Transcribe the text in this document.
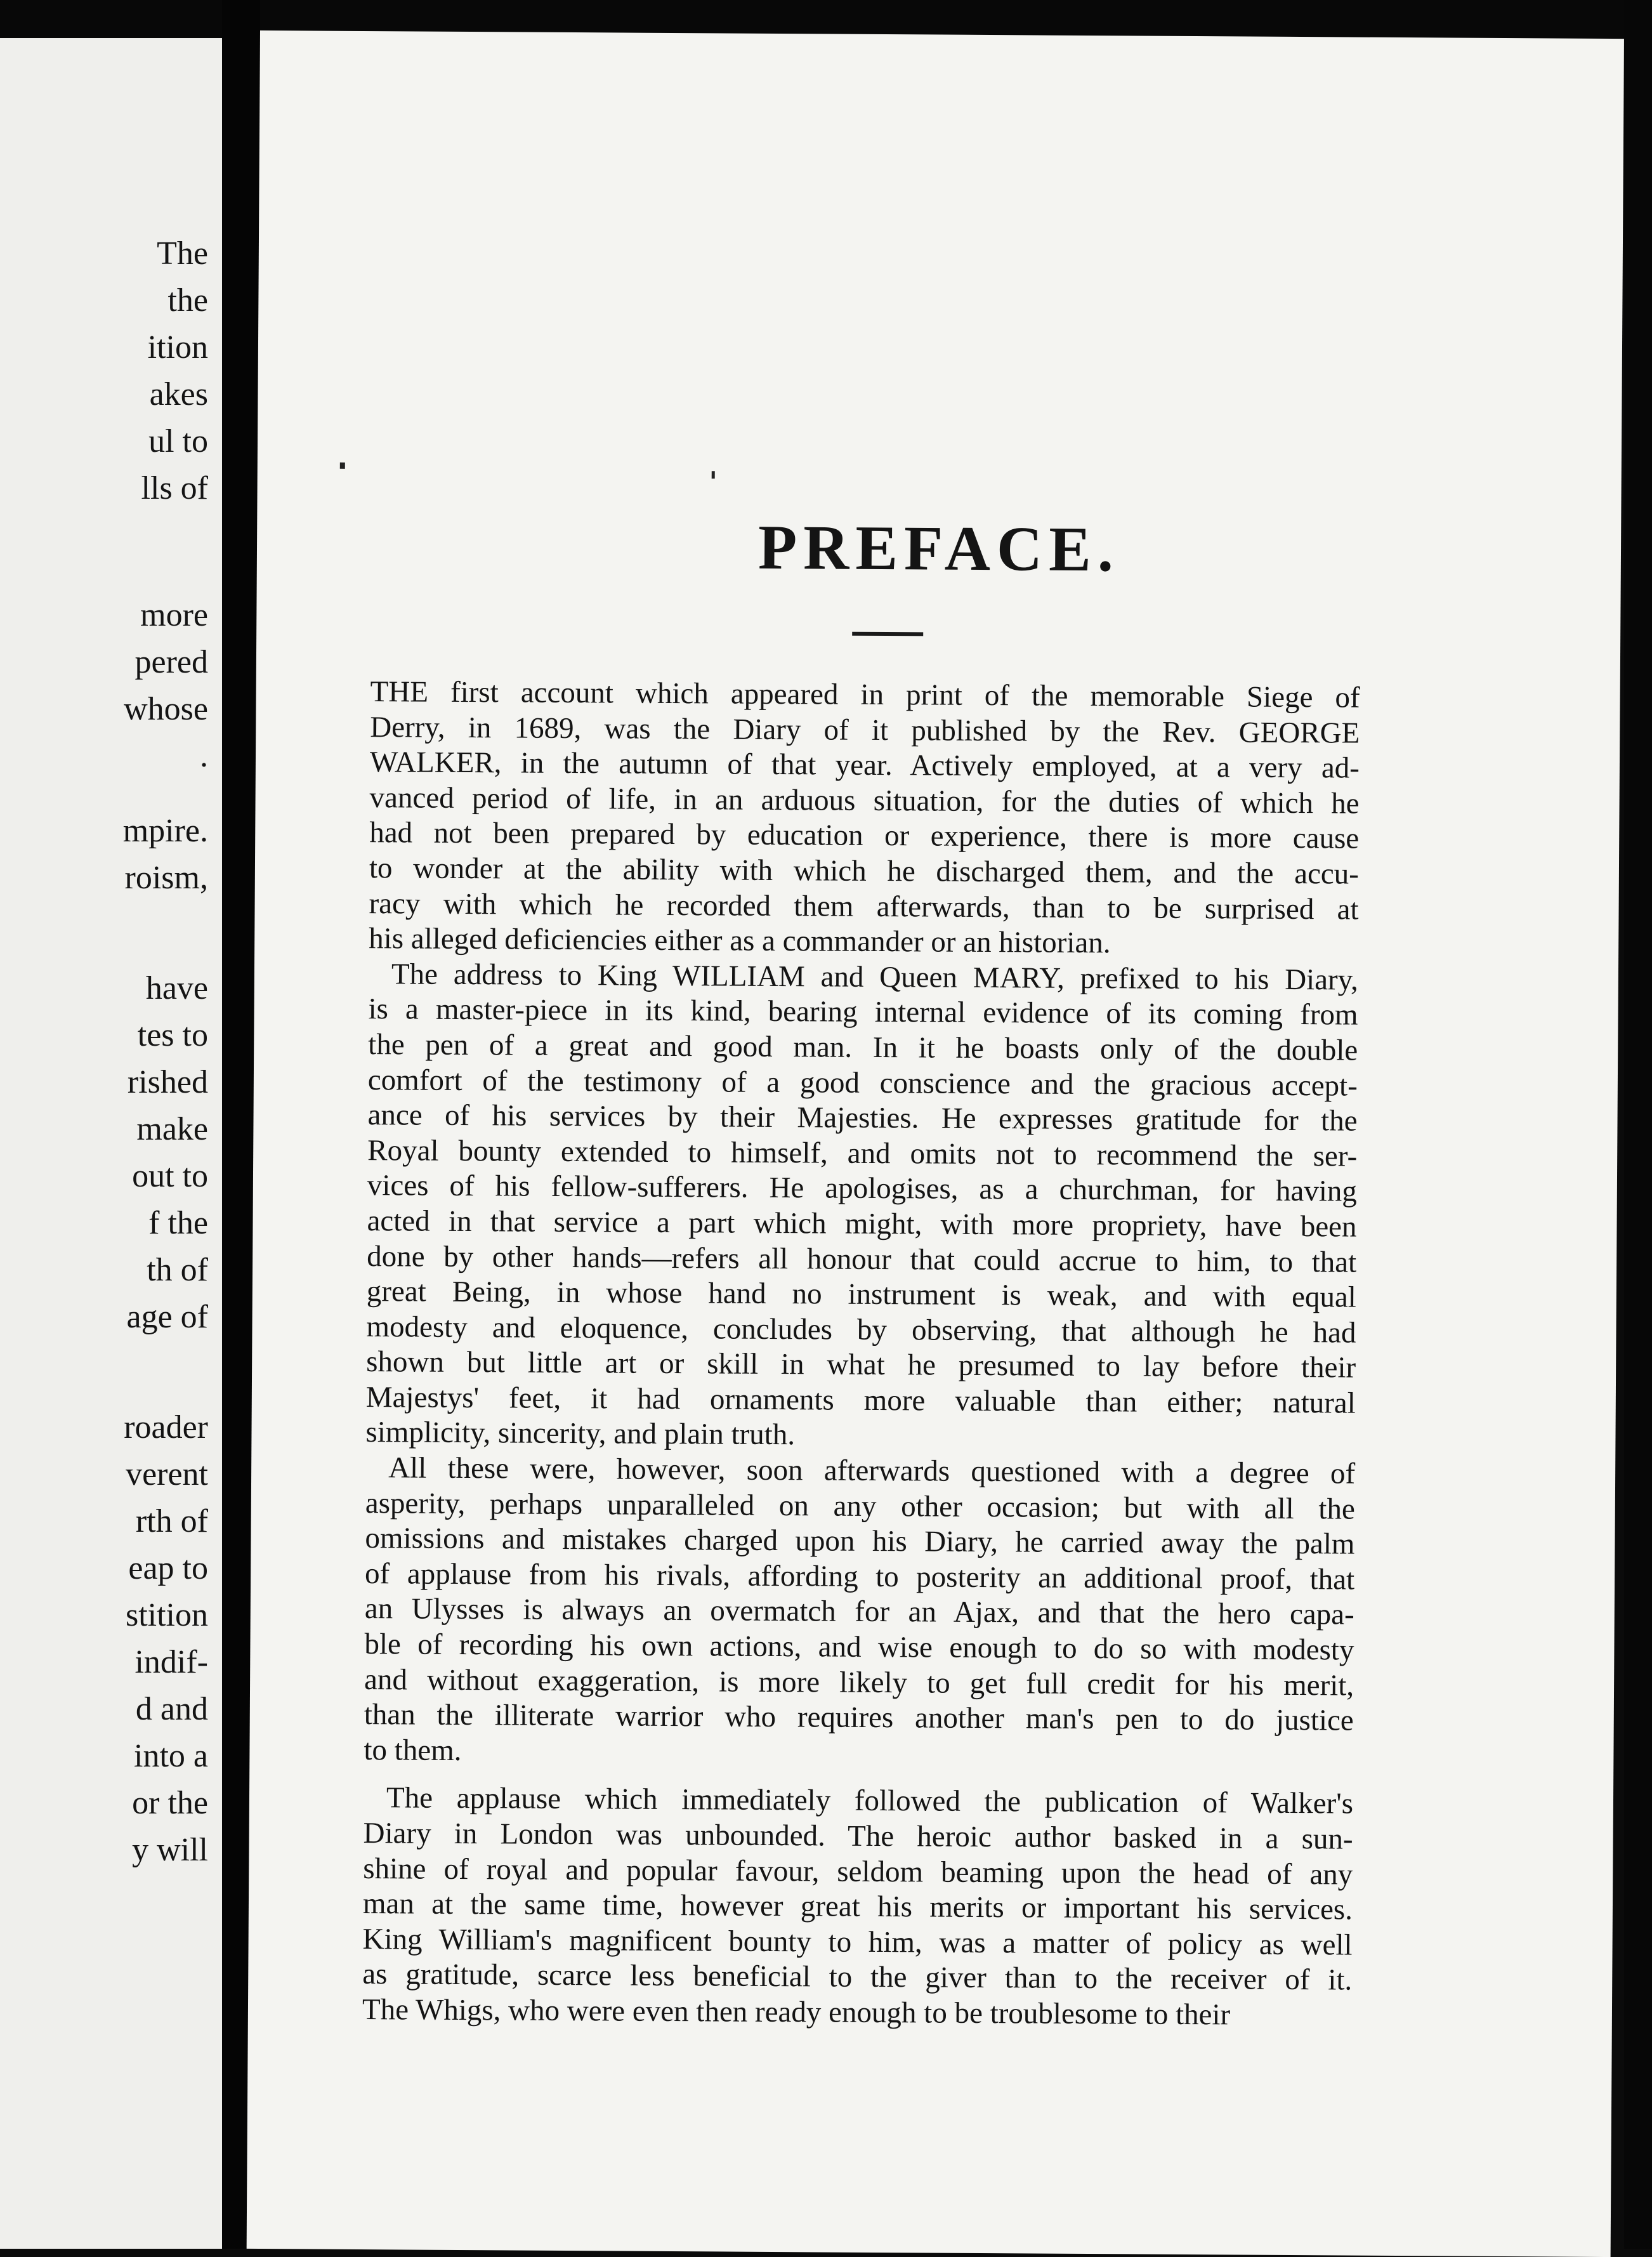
The
the
ition
akes
ul to
lls of
more
pered
whose
.
mpire.
roism,
have
tes to
rished
make
out to
f the
th of
age of
roader
verent
rth of
eap to
stition
indif-
d and
into a
or the
y will
PREFACE.

THE first account which appeared in print of the memorable Siege of
Derry, in 1689, was the Diary of it published by the Rev. GEORGE
WALKER, in the autumn of that year. Actively employed, at a very ad-
vanced period of life, in an arduous situation, for the duties of which he
had not been prepared by education or experience, there is more cause
to wonder at the ability with which he discharged them, and the accu-
racy with which he recorded them afterwards, than to be surprised at
his alleged deficiencies either as a commander or an historian.

The address to King WILLIAM and Queen MARY, prefixed to his Diary,
is a master-piece in its kind, bearing internal evidence of its coming from
the pen of a great and good man. In it he boasts only of the double
comfort of the testimony of a good conscience and the gracious accept-
ance of his services by their Majesties. He expresses gratitude for the
Royal bounty extended to himself, and omits not to recommend the ser-
vices of his fellow-sufferers. He apologises, as a churchman, for having
acted in that service a part which might, with more propriety, have been
done by other hands—refers all honour that could accrue to him, to that
great Being, in whose hand no instrument is weak, and with equal
modesty and eloquence, concludes by observing, that although he had
shown but little art or skill in what he presumed to lay before their
Majestys' feet, it had ornaments more valuable than either; natural
simplicity, sincerity, and plain truth.

All these were, however, soon afterwards questioned with a degree of
asperity, perhaps unparalleled on any other occasion; but with all the
omissions and mistakes charged upon his Diary, he carried away the palm
of applause from his rivals, affording to posterity an additional proof, that
an Ulysses is always an overmatch for an Ajax, and that the hero capa-
ble of recording his own actions, and wise enough to do so with modesty
and without exaggeration, is more likely to get full credit for his merit,
than the illiterate warrior who requires another man's pen to do justice
to them.

The applause which immediately followed the publication of Walker's
Diary in London was unbounded. The heroic author basked in a sun-
shine of royal and popular favour, seldom beaming upon the head of any
man at the same time, however great his merits or important his services.
King William's magnificent bounty to him, was a matter of policy as well
as gratitude, scarce less beneficial to the giver than to the receiver of it.
The Whigs, who were even then ready enough to be troublesome to their
